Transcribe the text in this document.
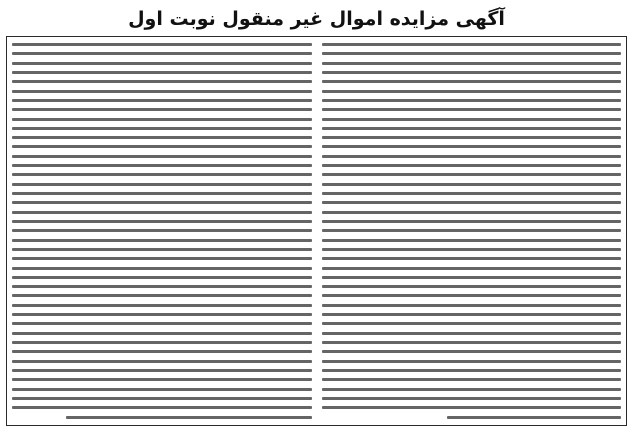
آگهی مزایده اموال غیر منقول نوبت اول
